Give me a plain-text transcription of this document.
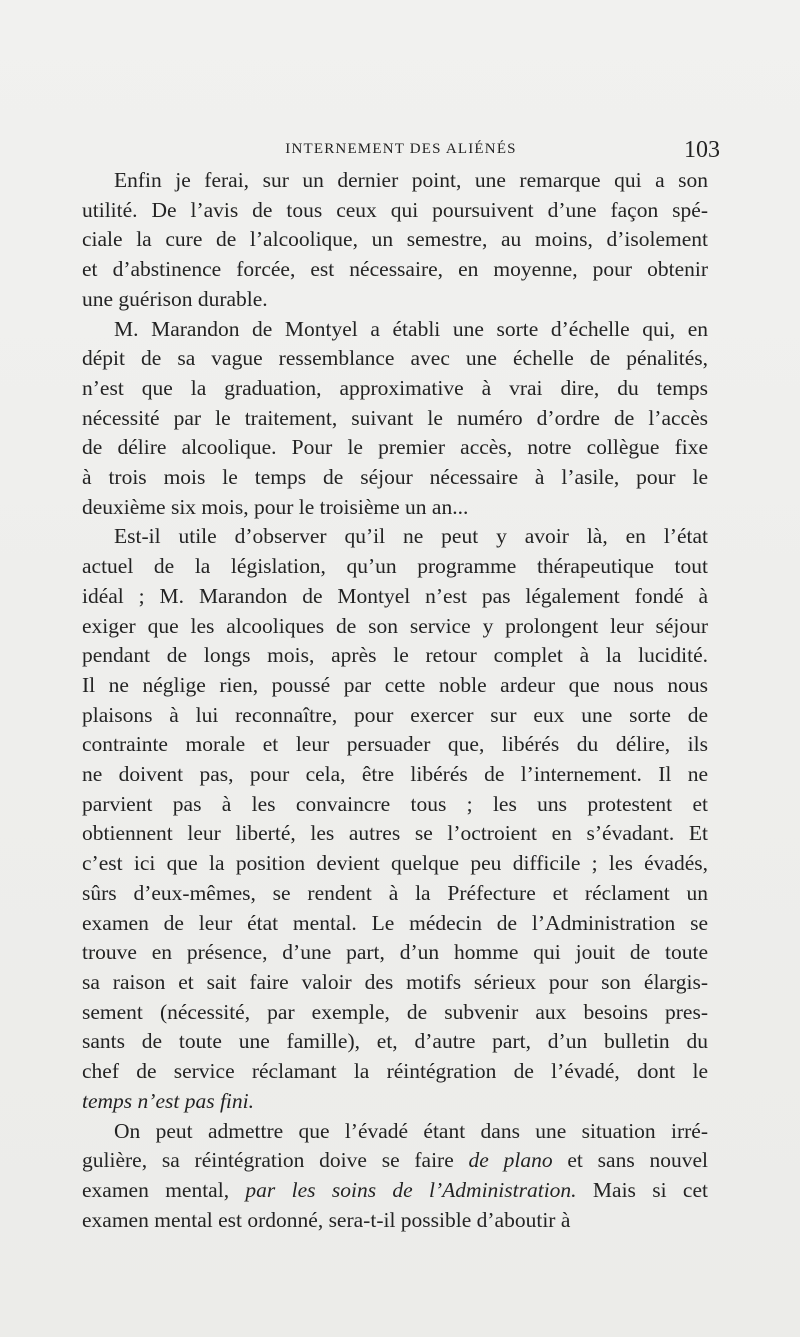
INTERNEMENT DES ALIÉNÉS	103
Enfin je ferai, sur un dernier point, une remarque qui a son
utilité. De l’avis de tous ceux qui poursuivent d’une façon spé-
ciale la cure de l’alcoolique, un semestre, au moins, d’isolement
et d’abstinence forcée, est nécessaire, en moyenne, pour obtenir
une guérison durable.
M. Marandon de Montyel a établi une sorte d’échelle qui, en
dépit de sa vague ressemblance avec une échelle de pénalités,
n’est que la graduation, approximative à vrai dire, du temps
nécessité par le traitement, suivant le numéro d’ordre de l’accès
de délire alcoolique. Pour le premier accès, notre collègue fixe
à trois mois le temps de séjour nécessaire à l’asile, pour le
deuxième six mois, pour le troisième un an...
Est-il utile d’observer qu’il ne peut y avoir là, en l’état
actuel de la législation, qu’un programme thérapeutique tout
idéal ; M. Marandon de Montyel n’est pas légalement fondé à
exiger que les alcooliques de son service y prolongent leur séjour
pendant de longs mois, après le retour complet à la lucidité.
Il ne néglige rien, poussé par cette noble ardeur que nous nous
plaisons à lui reconnaître, pour exercer sur eux une sorte de
contrainte morale et leur persuader que, libérés du délire, ils
ne doivent pas, pour cela, être libérés de l’internement. Il ne
parvient pas à les convaincre tous ; les uns protestent et
obtiennent leur liberté, les autres se l’octroient en s’évadant. Et
c’est ici que la position devient quelque peu difficile ; les évadés,
sûrs d’eux-mêmes, se rendent à la Préfecture et réclament un
examen de leur état mental. Le médecin de l’Administration se
trouve en présence, d’une part, d’un homme qui jouit de toute
sa raison et sait faire valoir des motifs sérieux pour son élargis-
sement (nécessité, par exemple, de subvenir aux besoins pres-
sants de toute une famille), et, d’autre part, d’un bulletin du
chef de service réclamant la réintégration de l’évadé, dont le
temps n’est pas fini.
On peut admettre que l’évadé étant dans une situation irré-
gulière, sa réintégration doive se faire de plano et sans nouvel
examen mental, par les soins de l’Administration. Mais si cet
examen mental est ordonné, sera-t-il possible d’aboutir à
